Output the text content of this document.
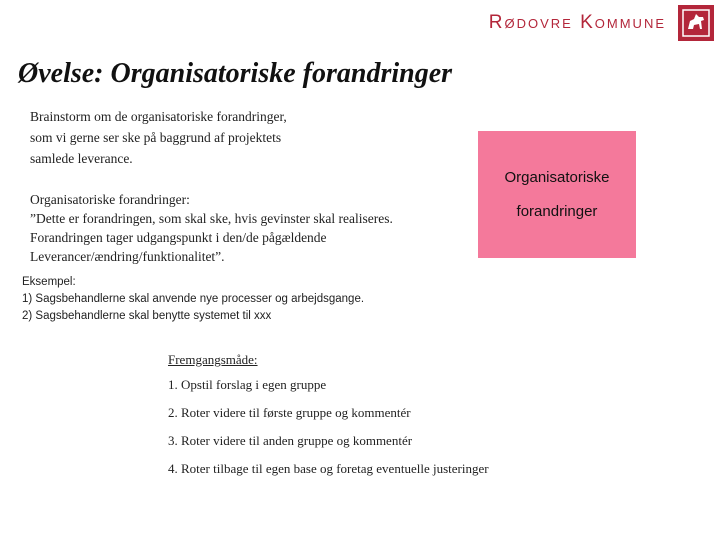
Rødovre Kommune
Øvelse: Organisatoriske forandringer
Brainstorm om de organisatoriske forandringer,
som vi gerne ser ske på baggrund af projektets
samlede leverance.
Organisatoriske forandringer:
”Dette er forandringen, som skal ske, hvis gevinster skal realiseres.
Forandringen tager udgangspunkt i den/de pågældende
Leverancer/ændring/funktionalitet”.
Organisatoriske
forandringer
Eksempel:
1) Sagsbehandlerne skal anvende nye processer og arbejdsgange.
2) Sagsbehandlerne skal benytte systemet til xxx
Fremgangsmåde:
1. Opstil forslag i egen gruppe
2. Roter videre til første gruppe og kommentér
3. Roter videre til anden gruppe og kommentér
4. Roter tilbage til egen base og foretag eventuelle justeringer
